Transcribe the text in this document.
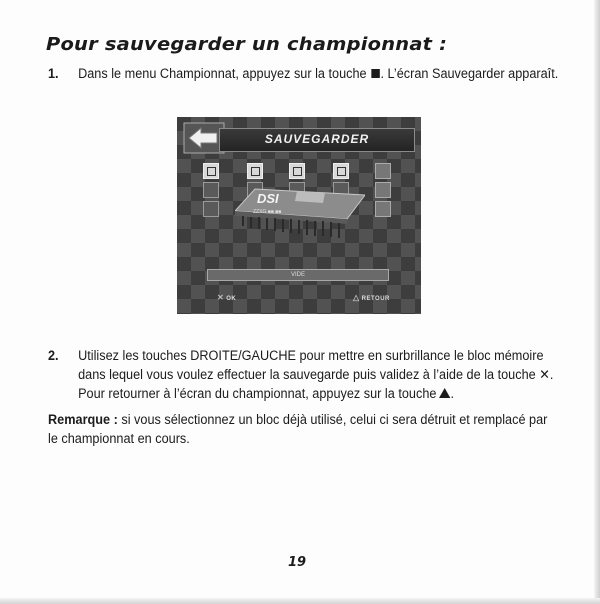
Pour sauvegarder un championnat :
1. Dans le menu Championnat, appuyez sur la touche . L’écran Sauvegarder apparaît.
SAUVEGARDER
DSI
ZZXG ■■ ■■
VIDE
✕ OK	△ RETOUR
2. Utilisez les touches DROITE/GAUCHE pour mettre en surbrillance le bloc mémoire
dans lequel vous voulez effectuer la sauvegarde puis validez à l’aide de la touche ✕.
Pour retourner à l’écran du championnat, appuyez sur la touche .
Remarque : si vous sélectionnez un bloc déjà utilisé, celui ci sera détruit et remplacé par
le championnat en cours.
19
